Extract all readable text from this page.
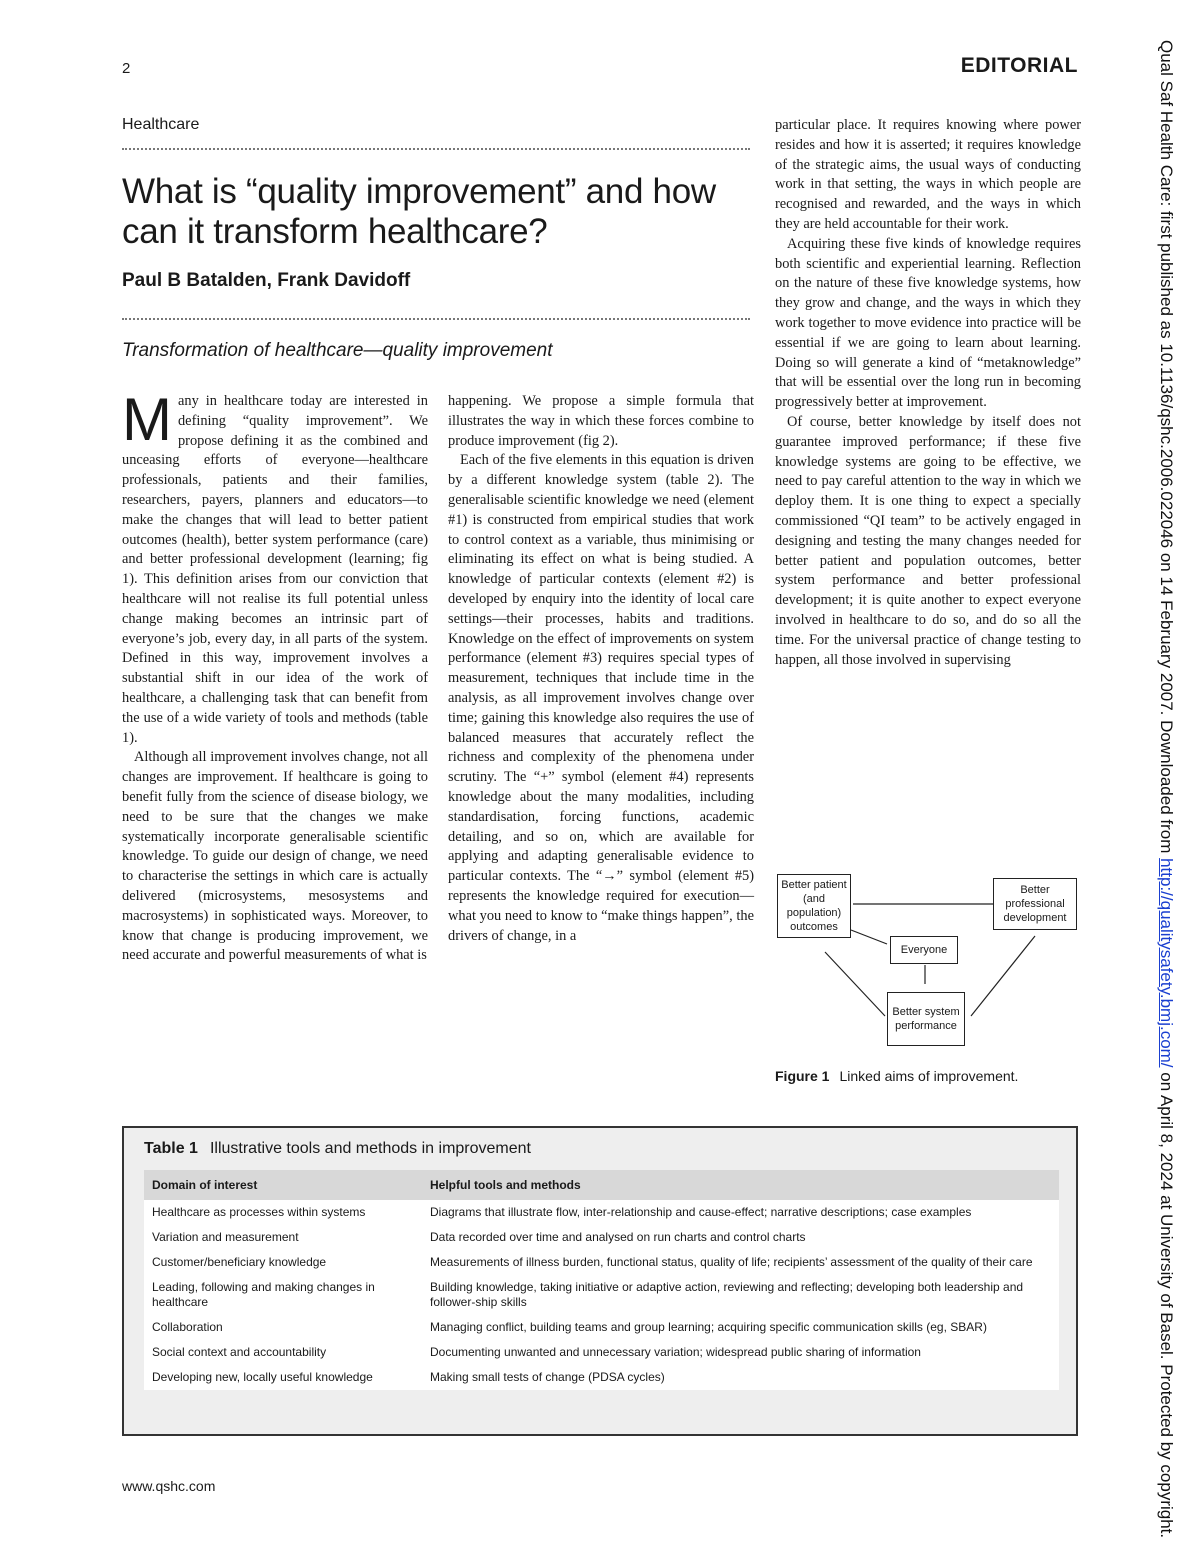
2	EDITORIAL	Qual Saf Health Care: first published as 10.1136/qshc.2006.022046 on 14 February 2007. Downloaded from http://qualitysafety.bmj.com/ on April 8, 2024 at University of Basel. Protected by copyright.
Healthcare
What is “quality improvement” and how can it transform healthcare?
Paul B Batalden, Frank Davidoff
Transformation of healthcare—quality improvement

Many in healthcare today are interested in defining “quality improvement”. We propose defining it as the combined and unceasing efforts of everyone—healthcare professionals, patients and their families, researchers, payers, planners and educators—to make the changes that will lead to better patient outcomes (health), better system performance (care) and better professional development (learning; fig 1). This definition arises from our conviction that healthcare will not realise its full potential unless change making becomes an intrinsic part of everyone’s job, every day, in all parts of the system. Defined in this way, improvement involves a substantial shift in our idea of the work of healthcare, a challenging task that can benefit from the use of a wide variety of tools and methods (table 1).

Although all improvement involves change, not all changes are improvement. If healthcare is going to benefit fully from the science of disease biology, we need to be sure that the changes we make systematically incorporate generalisable scientific knowledge. To guide our design of change, we need to characterise the settings in which care is actually delivered (microsystems, mesosystems and macrosystems) in sophisticated ways. Moreover, to know that change is producing improvement, we need accurate and powerful measurements of what is

happening. We propose a simple formula that illustrates the way in which these forces combine to produce improvement (fig 2).

Each of the five elements in this equation is driven by a different knowledge system (table 2). The generalisable scientific knowledge we need (element #1) is constructed from empirical studies that work to control context as a variable, thus minimising or eliminating its effect on what is being studied. A knowledge of particular contexts (element #2) is developed by enquiry into the identity of local care settings—their processes, habits and traditions. Knowledge on the effect of improvements on system performance (element #3) requires special types of measurement, techniques that include time in the analysis, as all improvement involves change over time; gaining this knowledge also requires the use of balanced measures that accurately reflect the richness and complexity of the phenomena under scrutiny. The “+” symbol (element #4) represents knowledge about the many modalities, including standardisation, forcing functions, academic detailing, and so on, which are available for applying and adapting generalisable evidence to particular contexts. The “→” symbol (element #5) represents the knowledge required for execution—what you need to know to “make things happen”, the drivers of change, in a

particular place. It requires knowing where power resides and how it is asserted; it requires knowledge of the strategic aims, the usual ways of conducting work in that setting, the ways in which people are recognised and rewarded, and the ways in which they are held accountable for their work.

Acquiring these five kinds of knowledge requires both scientific and experiential learning. Reflection on the nature of these five knowledge systems, how they grow and change, and the ways in which they work together to move evidence into practice will be essential if we are going to learn about learning. Doing so will generate a kind of “metaknowledge” that will be essential over the long run in becoming progressively better at improvement.

Of course, better knowledge by itself does not guarantee improved performance; if these five knowledge systems are going to be effective, we need to pay careful attention to the way in which we deploy them. It is one thing to expect a specially commissioned “QI team” to be actively engaged in designing and testing the many changes needed for better patient and population outcomes, better system performance and better professional development; it is quite another to expect everyone involved in healthcare to do so, and do so all the time. For the universal practice of change testing to happen, all those involved in supervising

Better patient (and population) outcomes
Better professional development
Everyone
Better system performance
Figure 1 Linked aims of improvement.
Table 1 Illustrative tools and methods in improvement
Domain of interest	Helpful tools and methods
Healthcare as processes within systems	Diagrams that illustrate flow, inter-relationship and cause-effect; narrative descriptions; case examples
Variation and measurement	Data recorded over time and analysed on run charts and control charts
Customer/beneficiary knowledge	Measurements of illness burden, functional status, quality of life; recipients’ assessment of the quality of their care
Leading, following and making changes in healthcare	Building knowledge, taking initiative or adaptive action, reviewing and reflecting; developing both leadership and follower-ship skills
Collaboration	Managing conflict, building teams and group learning; acquiring specific communication skills (eg, SBAR)
Social context and accountability	Documenting unwanted and unnecessary variation; widespread public sharing of information
Developing new, locally useful knowledge	Making small tests of change (PDSA cycles)
www.qshc.com
